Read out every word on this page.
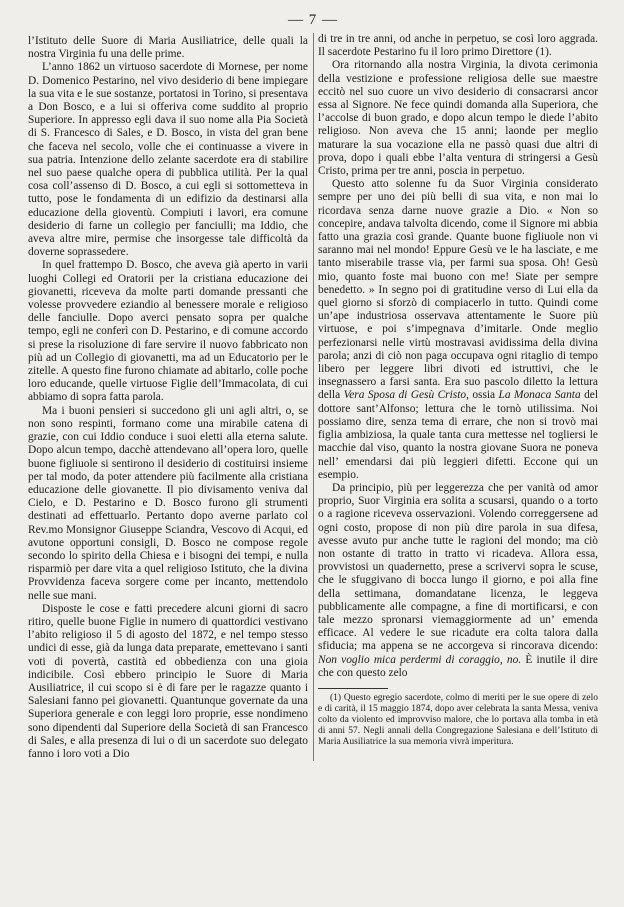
— 7 —

l’Istituto delle Suore di Maria Ausiliatrice, delle quali la nostra Virginia fu una delle prime.

L’anno 1862 un virtuoso sacerdote di Mornese, per nome D. Domenico Pestarino, nel vivo desiderio di bene impiegare la sua vita e le sue sostanze, portatosi in Torino, si presentava a Don Bosco, e a lui si offeriva come suddito al proprio Superiore. In appresso egli dava il suo nome alla Pia Società di S. Francesco di Sales, e D. Bosco, in vista del gran bene che faceva nel secolo, volle che ei continuasse a vivere in sua patria. Intenzione dello zelante sacerdote era di stabilire nel suo paese qualche opera di pubblica utilità. Per la qual cosa coll’assenso di D. Bosco, a cui egli si sottometteva in tutto, pose le fondamenta di un edifizio da destinarsi alla educazione della gioventù. Compiuti i lavori, era comune desiderio di farne un collegio per fanciulli; ma Iddio, che aveva altre mire, permise che insorgesse tale difficoltà da doverne soprassedere.

In quel frattempo D. Bosco, che aveva già aperto in varii luoghi Collegi ed Oratorii per la cristiana educazione dei giovanetti, riceveva da molte parti domande pressanti che volesse provvedere eziandio al benessere morale e religioso delle fanciulle. Dopo averci pensato sopra per qualche tempo, egli ne conferì con D. Pestarino, e di comune accordo si prese la risoluzione di fare servire il nuovo fabbricato non più ad un Collegio di giovanetti, ma ad un Educatorio per le zitelle. A questo fine furono chiamate ad abitarlo, colle poche loro educande, quelle virtuose Figlie dell’Immacolata, di cui abbiamo di sopra fatta parola.

Ma i buoni pensieri si succedono gli uni agli altri, o, se non sono respinti, formano come una mirabile catena di grazie, con cui Iddio conduce i suoi eletti alla eterna salute. Dopo alcun tempo, dacchè attendevano all’opera loro, quelle buone figliuole si sentirono il desiderio di costituirsi insieme per tal modo, da poter attendere più facilmente alla cristiana educazione delle giovanette. Il pio divisamento veniva dal Cielo, e D. Pestarino e D. Bosco furono gli strumenti destinati ad effettuarlo. Pertanto dopo averne parlato col Rev.mo Monsignor Giuseppe Sciandra, Vescovo di Acqui, ed avutone opportuni consigli, D. Bosco ne compose regole secondo lo spirito della Chiesa e i bisogni dei tempi, e nulla risparmiò per dare vita a quel religioso Istituto, che la divina Provvidenza faceva sorgere come per incanto, mettendolo nelle sue mani.

Disposte le cose e fatti precedere alcuni giorni di sacro ritiro, quelle buone Figlie in numero di quattordici vestivano l’abito religioso il 5 di agosto del 1872, e nel tempo stesso undici di esse, già da lunga data preparate, emettevano i santi voti di povertà, castità ed obbedienza con una gioia indicibile. Così ebbero principio le Suore di Maria Ausiliatrice, il cui scopo si è di fare per le ragazze quanto i Salesiani fanno pei giovanetti. Quantunque governate da una Superiora generale e con leggi loro proprie, esse nondimeno sono dipendenti dal Superiore della Società di san Francesco di Sales, e alla presenza di lui o di un sacerdote suo delegato fanno i loro voti a Dio

di tre in tre anni, od anche in perpetuo, se così loro aggrada. Il sacerdote Pestarino fu il loro primo Direttore (1).

Ora ritornando alla nostra Virginia, la divota cerimonia della vestizione e professione religiosa delle sue maestre eccitò nel suo cuore un vivo desiderio di consacrarsi ancor essa al Signore. Ne fece quindi domanda alla Superiora, che l’accolse di buon grado, e dopo alcun tempo le diede l’abito religioso. Non aveva che 15 anni; laonde per meglio maturare la sua vocazione ella ne passò quasi due altri di prova, dopo i quali ebbe l’alta ventura di stringersi a Gesù Cristo, prima per tre anni, poscia in perpetuo.

Questo atto solenne fu da Suor Virginia considerato sempre per uno dei più belli di sua vita, e non mai lo ricordava senza darne nuove grazie a Dio. « Non so concepire, andava talvolta dicendo, come il Signore mi abbia fatto una grazia così grande. Quante buone figliuole non vi saranno mai nel mondo! Eppure Gesù ve le ha lasciate, e me tanto miserabile trasse via, per farmi sua sposa. Oh! Gesù mio, quanto foste mai buono con me! Siate per sempre benedetto. » In segno poi di gratitudine verso di Lui ella da quel giorno si sforzò di compiacerlo in tutto. Quindi come un’ape industriosa osservava attentamente le Suore più virtuose, e poi s’impegnava d’imitarle. Onde meglio perfezionarsi nelle virtù mostravasi avidissima della divina parola; anzi di ciò non paga occupava ogni ritaglio di tempo libero per leggere libri divoti ed istruttivi, che le insegnassero a farsi santa. Era suo pascolo diletto la lettura della Vera Sposa di Gesù Cristo, ossia La Monaca Santa del dottore sant’Alfonso; lettura che le tornò utilissima. Noi possiamo dire, senza tema di errare, che non si trovò mai figlia ambiziosa, la quale tanta cura mettesse nel togliersi le macchie dal viso, quanto la nostra giovane Suora ne poneva nell’ emendarsi dai più leggieri difetti. Eccone qui un esempio.

Da principio, più per leggerezza che per vanità od amor proprio, Suor Virginia era solita a scusarsi, quando o a torto o a ragione riceveva osservazioni. Volendo correggersene ad ogni costo, propose di non più dire parola in sua difesa, avesse avuto pur anche tutte le ragioni del mondo; ma ciò non ostante di tratto in tratto vi ricadeva. Allora essa, provvistosi un quadernetto, prese a scrivervi sopra le scuse, che le sfuggivano di bocca lungo il giorno, e poi alla fine della settimana, domandatane licenza, le leggeva pubblicamente alle compagne, a fine di mortificarsi, e con tale mezzo spronarsi viemaggiormente ad un’ emenda efficace. Al vedere le sue ricadute era colta talora dalla sfiducia; ma appena se ne accorgeva si rincorava dicendo: Non voglio mica perdermi di coraggio, no. È inutile il dire che con questo zelo

(1) Questo egregio sacerdote, colmo di meriti per le sue opere di zelo e di carità, il 15 maggio 1874, dopo aver celebrata la santa Messa, veniva colto da violento ed improvviso malore, che lo portava alla tomba in età di anni 57. Negli annali della Congregazione Salesiana e dell’Istituto di Maria Ausiliatrice la sua memoria vivrà imperitura.
